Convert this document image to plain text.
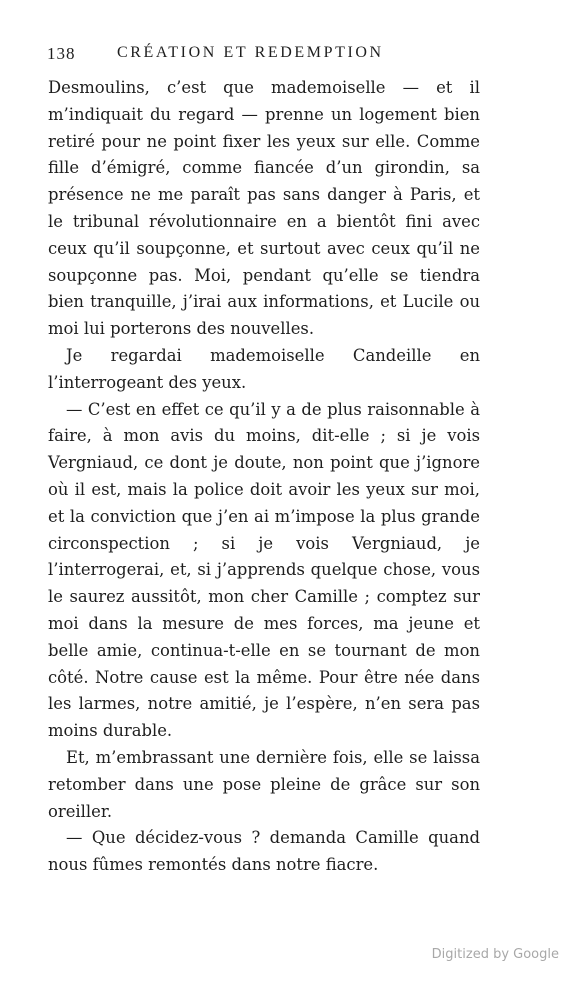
138	CRÉATION ET REDEMPTION

Desmoulins, c’est que mademoiselle — et il m’indiquait du regard — prenne un logement bien retiré pour ne point fixer les yeux sur elle. Comme fille d’émigré, comme fiancée d’un girondin, sa présence ne me paraît pas sans danger à Paris, et le tribunal révolutionnaire en a bientôt fini avec ceux qu’il soupçonne, et surtout avec ceux qu’il ne soupçonne pas. Moi, pendant qu’elle se tiendra bien tranquille, j’irai aux informations, et Lucile ou moi lui porterons des nouvelles.

Je regardai mademoiselle Candeille en l’interrogeant des yeux.

— C’est en effet ce qu’il y a de plus raisonnable à faire, à mon avis du moins, dit-elle ; si je vois Vergniaud, ce dont je doute, non point que j’ignore où il est, mais la police doit avoir les yeux sur moi, et la conviction que j’en ai m’impose la plus grande circonspection ; si je vois Vergniaud, je l’interrogerai, et, si j’apprends quelque chose, vous le saurez aussitôt, mon cher Camille ; comptez sur moi dans la mesure de mes forces, ma jeune et belle amie, continua-t-elle en se tournant de mon côté. Notre cause est la même. Pour être née dans les larmes, notre amitié, je l’espère, n’en sera pas moins durable.

Et, m’embrassant une dernière fois, elle se laissa retomber dans une pose pleine de grâce sur son oreiller.

— Que décidez-vous ? demanda Camille quand nous fûmes remontés dans notre fiacre.

Digitized by Google
